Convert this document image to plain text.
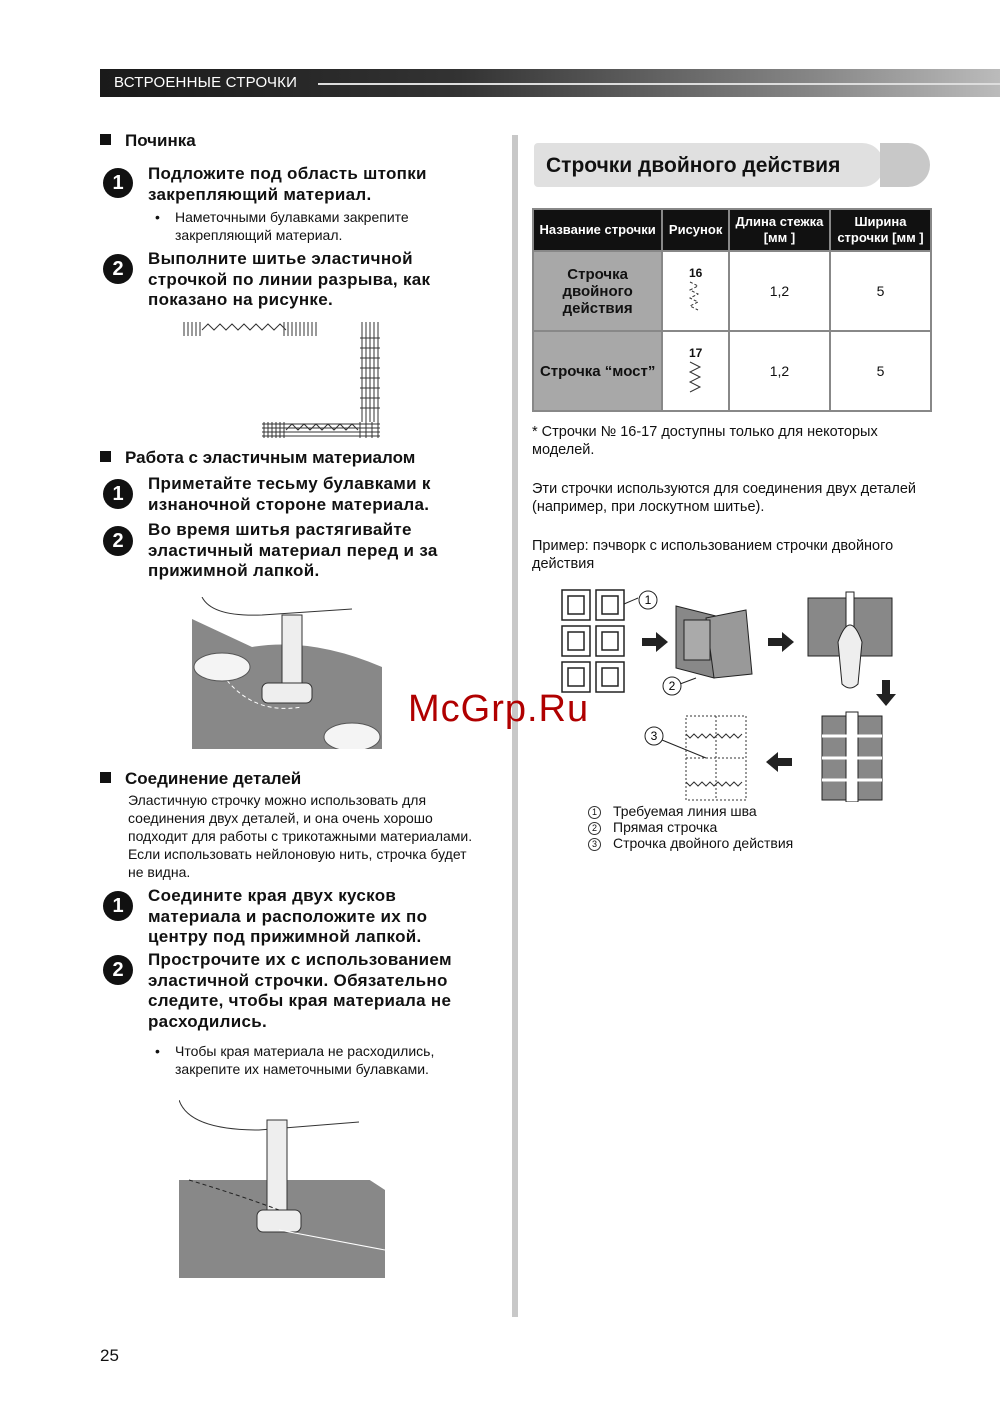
ВСТРОЕННЫЕ СТРОЧКИ
Починка
1	Подложите под область штопки закрепляющий материал.
• Наметочными булавками закрепите закрепляющий материал.
2	Выполните шитье эластичной строчкой по линии разрыва, как показано на рисунке.
Работа с эластичным материалом
1	Приметайте тесьму булавками к изнаночной стороне материала.
2
Во время шитья растягивайте эластичный материал перед и за прижимной лапкой.
Соединение деталей
Эластичную строчку можно использовать для соединения двух деталей, и она очень хорошо подходит для работы с трикотажными материалами. Если использовать нейлоновую нить, строчка будет не видна.
1	Соедините края двух кусков материала и расположите их по центру под прижимной лапкой.
2	Прострочите их с использованием эластичной строчки. Обязательно следите, чтобы края материала не расходились.
• Чтобы края материала не расходились, закрепите их наметочными булавками.
Строчки двойного действия
Название строчки	Рисунок	Длина стежка [мм ]	Ширина строчки [мм ]
Строчка двойного действия	16	1,2	5
Строчка “мост”	17	1,2	5
* Строчки № 16-17 доступны только для некоторых моделей.
Эти строчки используются для соединения двух деталей (например, при лоскутном шитье).
Пример: пэчворк с использованием строчки двойного действия
1
2
3
1 Требуемая линия шва
2 Прямая строчка
3 Строчка двойного действия
McGrp.Ru
25
